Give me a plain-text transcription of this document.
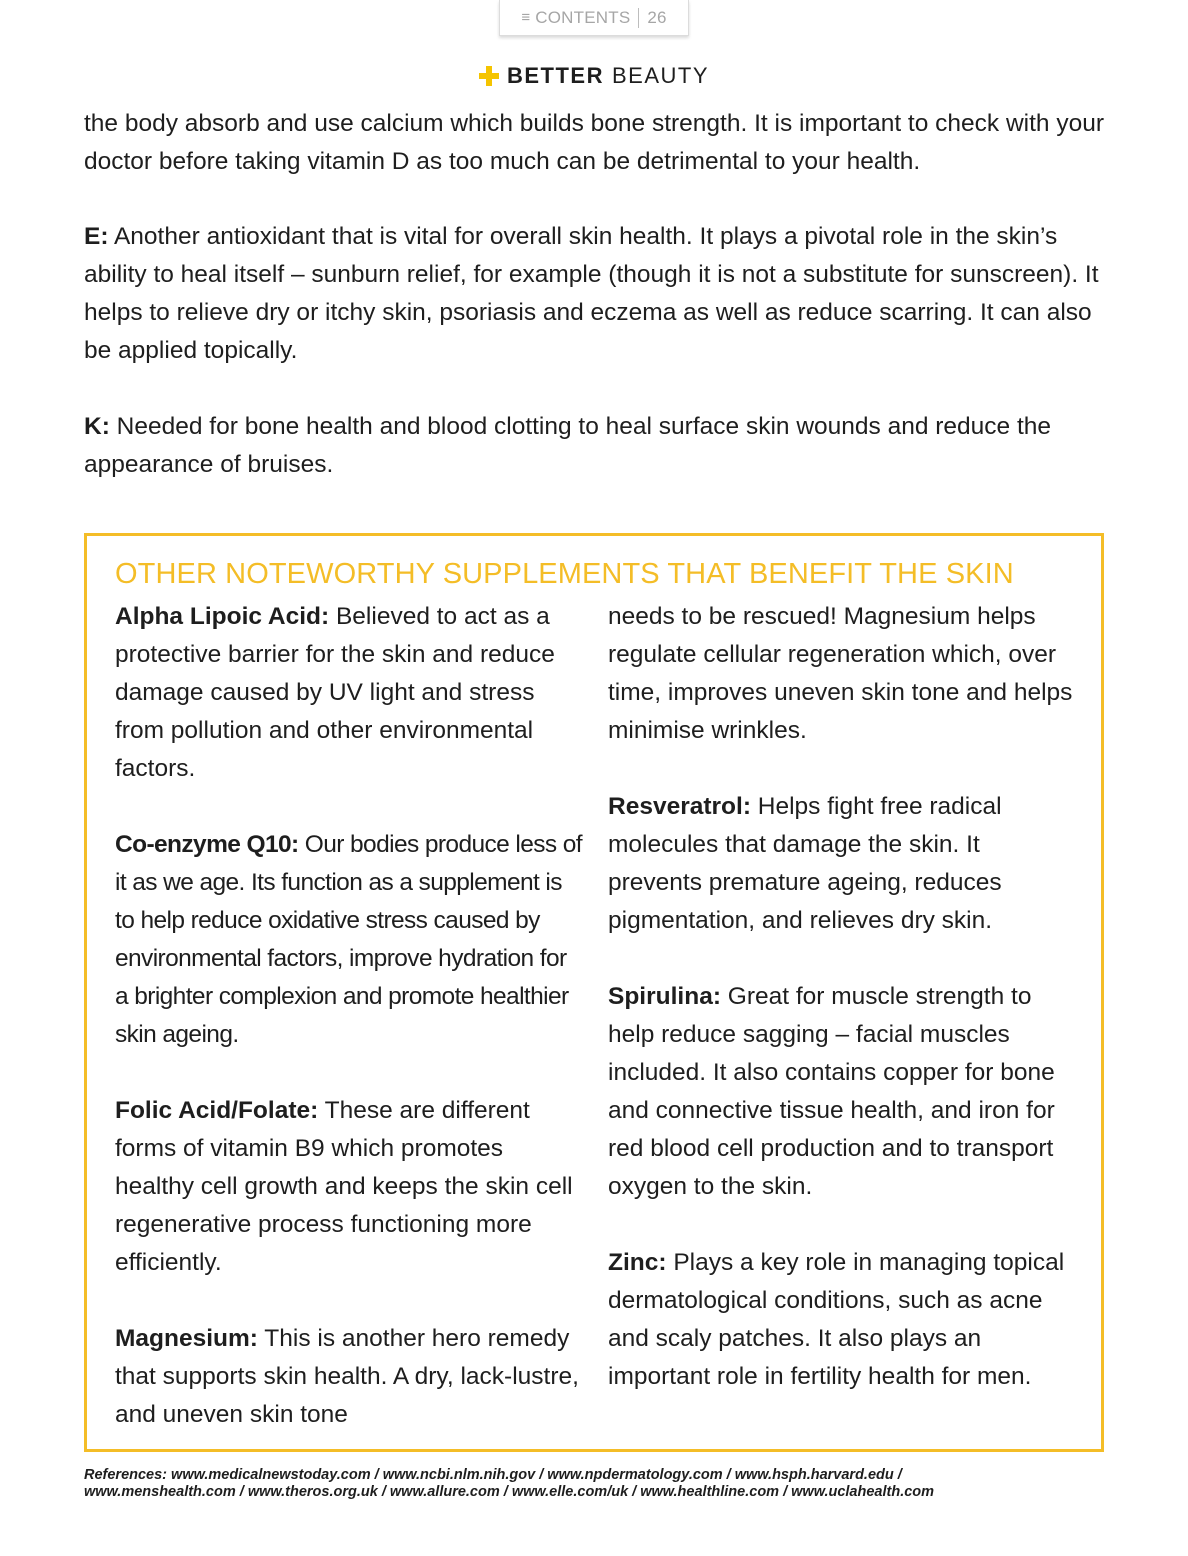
≡ CONTENTS 26
BETTER BEAUTY
the body absorb and use calcium which builds bone strength. It is important to check with your doctor before taking vitamin D as too much can be detrimental to your health.
E: Another antioxidant that is vital for overall skin health. It plays a pivotal role in the skin’s ability to heal itself – sunburn relief, for example (though it is not a substitute for sunscreen). It helps to relieve dry or itchy skin, psoriasis and eczema as well as reduce scarring. It can also be applied topically.
K: Needed for bone health and blood clotting to heal surface skin wounds and reduce the appearance of bruises.
OTHER NOTEWORTHY SUPPLEMENTS THAT BENEFIT THE SKIN
Alpha Lipoic Acid: Believed to act as a protective barrier for the skin and reduce damage caused by UV light and stress from pollution and other environmental factors.
Co-enzyme Q10: Our bodies produce less of it as we age. Its function as a supplement is to help reduce oxidative stress caused by environmental factors, improve hydration for a brighter complexion and promote healthier skin ageing.
Folic Acid/Folate: These are different forms of vitamin B9 which promotes healthy cell growth and keeps the skin cell regenerative process functioning more efficiently.
Magnesium: This is another hero remedy that supports skin health. A dry, lack-lustre, and uneven skin tone
needs to be rescued! Magnesium helps regulate cellular regeneration which, over time, improves uneven skin tone and helps minimise wrinkles.
Resveratrol: Helps fight free radical molecules that damage the skin. It prevents premature ageing, reduces pigmentation, and relieves dry skin.
Spirulina: Great for muscle strength to help reduce sagging – facial muscles included. It also contains copper for bone and connective tissue health, and iron for red blood cell production and to transport oxygen to the skin.
Zinc: Plays a key role in managing topical dermatological conditions, such as acne and scaly patches. It also plays an important role in fertility health for men.
References: www.medicalnewstoday.com / www.ncbi.nlm.nih.gov / www.npdermatology.com / www.hsph.harvard.edu /
www.menshealth.com / www.theros.org.uk / www.allure.com / www.elle.com/uk / www.healthline.com / www.uclahealth.com
